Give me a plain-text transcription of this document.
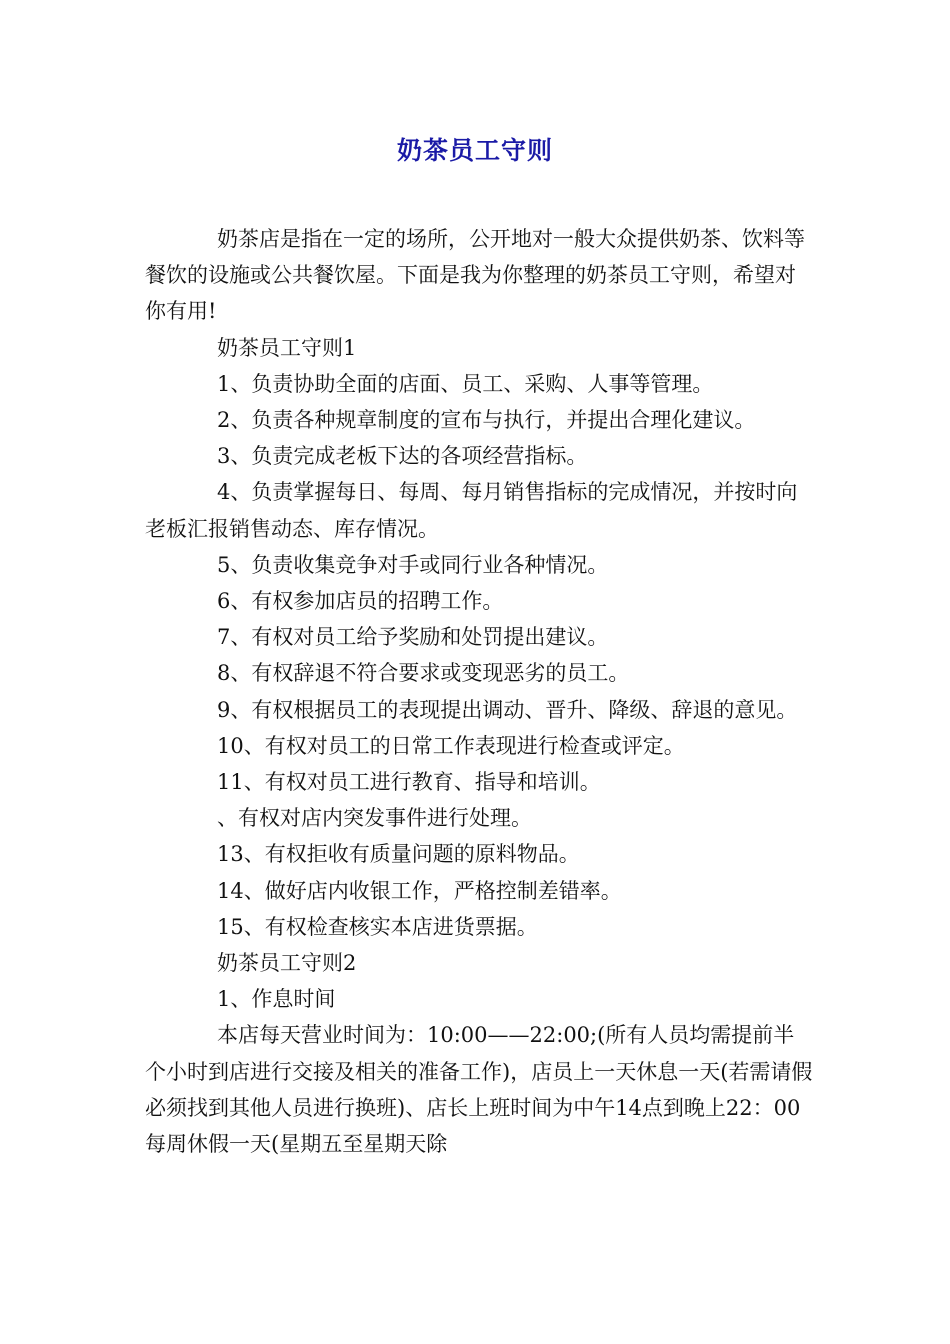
奶茶员工守则

奶茶店是指在一定的场所，公开地对一般大众提供奶茶、饮料等餐饮的设施或公共餐饮屋。下面是我为你整理的奶茶员工守则，希望对你有用!

奶茶员工守则1

1、负责协助全面的店面、员工、采购、人事等管理。

2、负责各种规章制度的宣布与执行，并提出合理化建议。

3、负责完成老板下达的各项经营指标。

4、负责掌握每日、每周、每月销售指标的完成情况，并按时向老板汇报销售动态、库存情况。

5、负责收集竞争对手或同行业各种情况。

6、有权参加店员的招聘工作。

7、有权对员工给予奖励和处罚提出建议。

8、有权辞退不符合要求或变现恶劣的员工。

9、有权根据员工的表现提出调动、晋升、降级、辞退的意见。

10、有权对员工的日常工作表现进行检查或评定。

11、有权对员工进行教育、指导和培训。

、有权对店内突发事件进行处理。

13、有权拒收有质量问题的原料物品。

14、做好店内收银工作，严格控制差错率。

15、有权检查核实本店进货票据。

奶茶员工守则2

1、作息时间

本店每天营业时间为：10:00——22:00;(所有人员均需提前半个小时到店进行交接及相关的准备工作)，店员上一天休息一天(若需请假必须找到其他人员进行换班)、店长上班时间为中午14点到晚上22：00每周休假一天(星期五至星期天除
